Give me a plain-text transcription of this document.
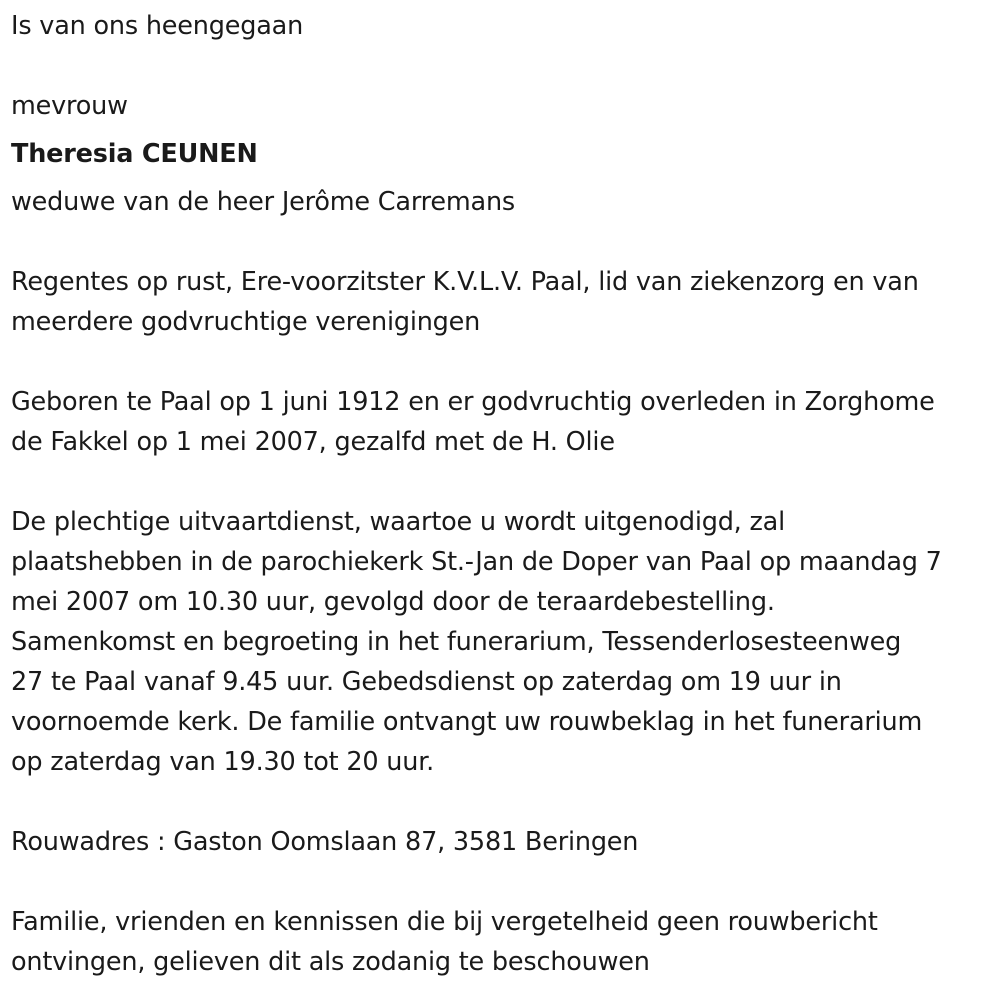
Is van ons heengegaan

mevrouw

Theresia CEUNEN

weduwe van de heer Jerôme Carremans

Regentes op rust, Ere-voorzitster K.V.L.V. Paal, lid van ziekenzorg en van

meerdere godvruchtige verenigingen

Geboren te Paal op 1 juni 1912 en er godvruchtig overleden in Zorghome

de Fakkel op 1 mei 2007, gezalfd met de H. Olie

De plechtige uitvaartdienst, waartoe u wordt uitgenodigd, zal

plaatshebben in de parochiekerk St.-Jan de Doper van Paal op maandag 7

mei 2007 om 10.30 uur, gevolgd door de teraardebestelling.

Samenkomst en begroeting in het funerarium, Tessenderlosesteenweg

27 te Paal vanaf 9.45 uur. Gebedsdienst op zaterdag om 19 uur in

voornoemde kerk. De familie ontvangt uw rouwbeklag in het funerarium

op zaterdag van 19.30 tot 20 uur.

Rouwadres : Gaston Oomslaan 87, 3581 Beringen

Familie, vrienden en kennissen die bij vergetelheid geen rouwbericht

ontvingen, gelieven dit als zodanig te beschouwen
